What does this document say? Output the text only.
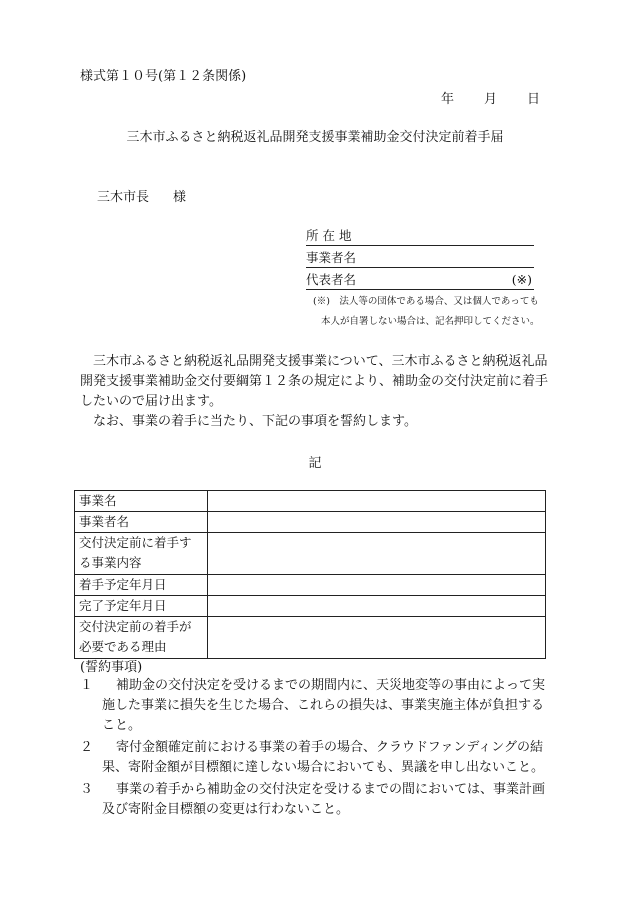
様式第１０号(第１２条関係)
年 月 日
三木市ふるさと納税返礼品開発支援事業補助金交付決定前着手届
三木市長 様
所 在 地
事業者名
代表者名	(※)
(※)　法人等の団体である場合、又は個人であっても
本人が自署しない場合は、記名押印してください。

三木市ふるさと納税返礼品開発支援事業について、三木市ふるさと納税返礼品開発支援事業補助金交付要綱第１２条の規定により、補助金の交付決定前に着手したいので届け出ます。

なお、事業の着手に当たり、下記の事項を誓約します。

記
事業名	
事業者名	
交付決定前に着手する事業内容	
着手予定年月日	
完了予定年月日	
交付決定前の着手が必要である理由	
(誓約事項)
１	補助金の交付決定を受けるまでの期間内に、天災地変等の事由によって実施した事業に損失を生じた場合、これらの損失は、事業実施主体が負担すること。
２	寄付金額確定前における事業の着手の場合、クラウドファンディングの結果、寄附金額が目標額に達しない場合においても、異議を申し出ないこと。
３	事業の着手から補助金の交付決定を受けるまでの間においては、事業計画及び寄附金目標額の変更は行わないこと。
